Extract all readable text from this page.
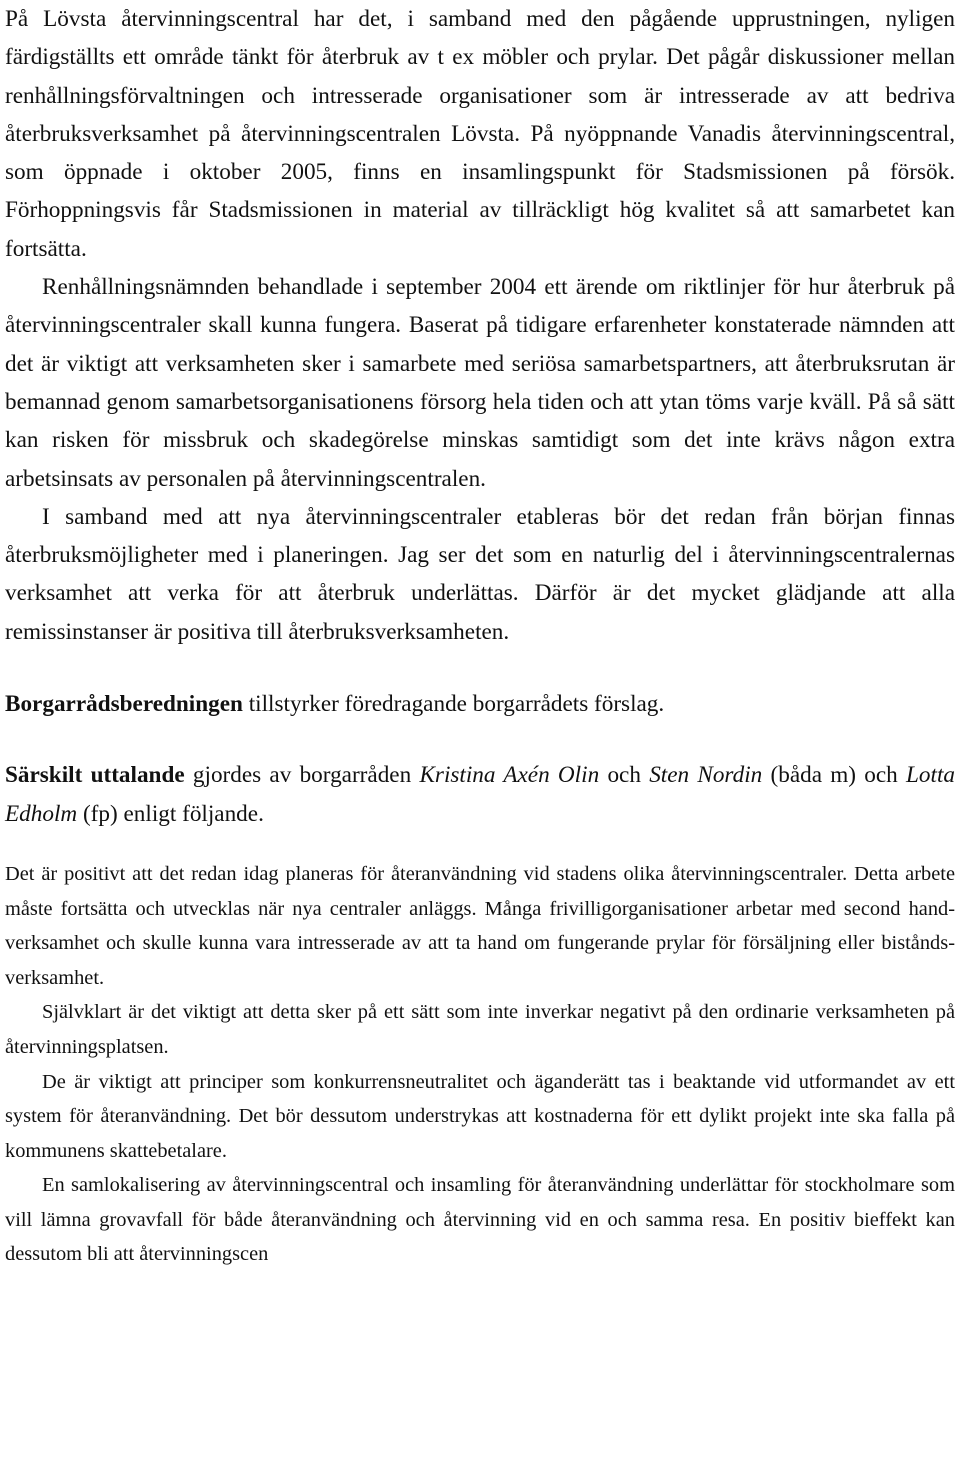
På Lövsta återvinningscentral har det, i samband med den pågående upprustningen, nyligen färdigställts ett område tänkt för återbruk av t ex möbler och prylar. Det pågår diskussioner mellan renhållningsförvaltningen och intresserade organisationer som är intresserade av att bedriva återbruksverksamhet på återvinningscentralen Lövsta. På nyöppnande Vanadis återvinningscentral, som öppnade i oktober 2005, finns en insamlingspunkt för Stadsmissionen på försök. Förhoppningsvis får Stadsmissionen in material av tillräckligt hög kvalitet så att samarbetet kan fortsätta.

Renhållningsnämnden behandlade i september 2004 ett ärende om riktlinjer för hur återbruk på återvinningscentraler skall kunna fungera. Baserat på tidigare erfarenheter konstaterade nämnden att det är viktigt att verksamheten sker i samarbete med seriösa samarbetspartners, att återbruksrutan är bemannad genom samarbetsorganisationens försorg hela tiden och att ytan töms varje kväll. På så sätt kan risken för missbruk och skadegörelse minskas samtidigt som det inte krävs någon extra arbetsinsats av personalen på återvinningscentralen.

I samband med att nya återvinningscentraler etableras bör det redan från början finnas återbruksmöjligheter med i planeringen. Jag ser det som en naturlig del i återvinningscentralernas verksamhet att verka för att återbruk underlättas. Därför är det mycket glädjande att alla remissinstanser är positiva till återbruksverksamheten.

Borgarrådsberedningen tillstyrker föredragande borgarrådets förslag.

Särskilt uttalande gjordes av borgarråden Kristina Axén Olin och Sten Nordin (båda m) och Lotta Edholm (fp) enligt följande.

Det är positivt att det redan idag planeras för återanvändning vid stadens olika återvinningscentraler. Detta arbete måste fortsätta och utvecklas när nya centraler anläggs. Många frivilligorganisationer arbetar med second hand-verksamhet och skulle kunna vara intresserade av att ta hand om fungerande prylar för försäljning eller biståndsverksamhet.

Självklart är det viktigt att detta sker på ett sätt som inte inverkar negativt på den ordinarie verksamheten på återvinningsplatsen.

De är viktigt att principer som konkurrensneutralitet och äganderätt tas i beaktande vid utformandet av ett system för återanvändning. Det bör dessutom understrykas att kostnaderna för ett dylikt projekt inte ska falla på kommunens skattebetalare.

En samlokalisering av återvinningscentral och insamling för återanvändning underlättar för stockholmare som vill lämna grovavfall för både återanvändning och återvinning vid en och samma resa. En positiv bieffekt kan dessutom bli att återvinningscen
